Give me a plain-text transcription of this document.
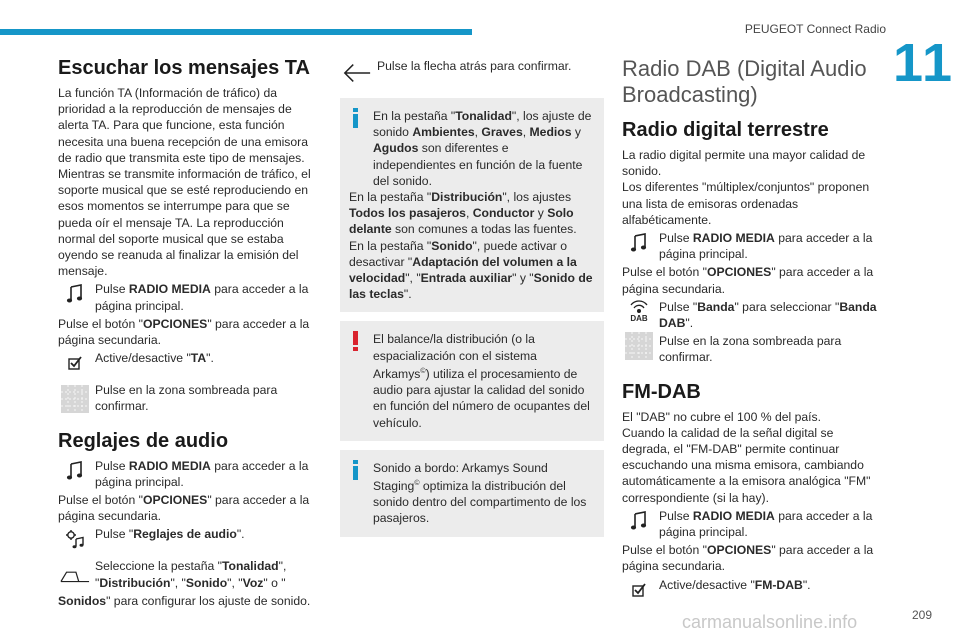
PEUGEOT Connect Radio
11
Escuchar los mensajes TA

La función TA (Información de tráfico) da prioridad a la reproducción de mensajes de alerta TA. Para que funcione, esta función necesita una buena recepción de una emisora de radio que transmita este tipo de mensajes. Mientras se transmite información de tráfico, el soporte musical que se esté reproduciendo en esos momentos se interrumpe para que se pueda oír el mensaje TA. La reproducción normal del soporte musical que se estaba oyendo se reanuda al finalizar la emisión del mensaje.

Pulse RADIO MEDIA para acceder a la página principal.

Pulse el botón "OPCIONES" para acceder a la página secundaria.

Active/desactive "TA".
Pulse en la zona sombreada para confirmar.
Reglajes de audio
Pulse RADIO MEDIA para acceder a la página principal.

Pulse el botón "OPCIONES" para acceder a la página secundaria.

Pulse "Reglajes de audio".
Seleccione la pestaña "Tonalidad", "Distribución", "Sonido", "Voz" o "

Sonidos" para configurar los ajuste de sonido.

Pulse la flecha atrás para confirmar.

En la pestaña "Tonalidad", los ajuste de sonido Ambientes, Graves, Medios y Agudos son diferentes e independientes en función de la fuente del sonido.

En la pestaña "Distribución", los ajustes Todos los pasajeros, Conductor y Solo delante son comunes a todas las fuentes.

En la pestaña "Sonido", puede activar o desactivar "Adaptación del volumen a la velocidad", "Entrada auxiliar" y "Sonido de las teclas".

El balance/la distribución (o la espacialización con el sistema Arkamys©) utiliza el procesamiento de audio para ajustar la calidad del sonido en función del número de ocupantes del vehículo.

Sonido a bordo: Arkamys Sound Staging© optimiza la distribución del sonido dentro del compartimento de los pasajeros.

Radio DAB (Digital Audio Broadcasting)
Radio digital terrestre

La radio digital permite una mayor calidad de sonido.

Los diferentes "múltiplex/conjuntos" proponen una lista de emisoras ordenadas alfabéticamente.

Pulse RADIO MEDIA para acceder a la página principal.

Pulse el botón "OPCIONES" para acceder a la página secundaria.

DAB
Pulse "Banda" para seleccionar "Banda DAB".
Pulse en la zona sombreada para confirmar.
FM-DAB

El "DAB" no cubre el 100 % del país.

Cuando la calidad de la señal digital se degrada, el "FM-DAB" permite continuar escuchando una misma emisora, cambiando automáticamente a la emisora analógica "FM" correspondiente (si la hay).

Pulse RADIO MEDIA para acceder a la página principal.

Pulse el botón "OPCIONES" para acceder a la página secundaria.

Active/desactive "FM-DAB".
carmanualsonline.info	209
